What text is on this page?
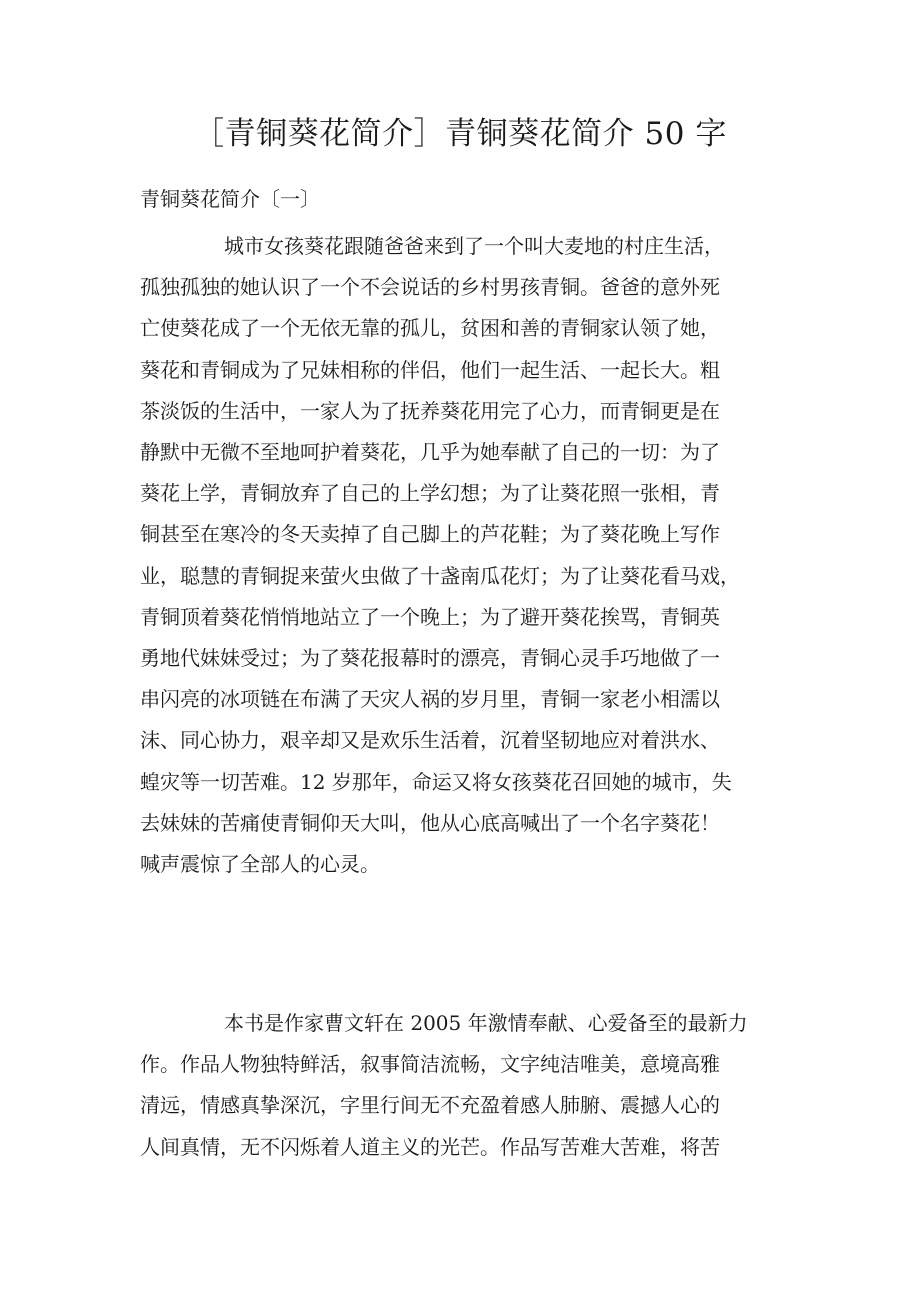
［青铜葵花简介］青铜葵花简介 50 字
青铜葵花简介〔一〕
城市女孩葵花跟随爸爸来到了一个叫大麦地的村庄生活，
孤独孤独的她认识了一个不会说话的乡村男孩青铜。爸爸的意外死
亡使葵花成了一个无依无靠的孤儿，贫困和善的青铜家认领了她，
葵花和青铜成为了兄妹相称的伴侣，他们一起生活、一起长大。粗
茶淡饭的生活中，一家人为了抚养葵花用完了心力，而青铜更是在
静默中无微不至地呵护着葵花，几乎为她奉献了自己的一切：为了
葵花上学，青铜放弃了自己的上学幻想；为了让葵花照一张相，青
铜甚至在寒冷的冬天卖掉了自己脚上的芦花鞋；为了葵花晚上写作
业，聪慧的青铜捉来萤火虫做了十盏南瓜花灯；为了让葵花看马戏，
青铜顶着葵花悄悄地站立了一个晚上；为了避开葵花挨骂，青铜英
勇地代妹妹受过；为了葵花报幕时的漂亮，青铜心灵手巧地做了一
串闪亮的冰项链在布满了天灾人祸的岁月里，青铜一家老小相濡以
沫、同心协力，艰辛却又是欢乐生活着，沉着坚韧地应对着洪水、
蝗灾等一切苦难。12 岁那年，命运又将女孩葵花召回她的城市，失
去妹妹的苦痛使青铜仰天大叫，他从心底高喊出了一个名字葵花！
喊声震惊了全部人的心灵。
本书是作家曹文轩在 2005 年激情奉献、心爱备至的最新力
作。作品人物独特鲜活，叙事简洁流畅，文字纯洁唯美，意境高雅
清远，情感真挚深沉，字里行间无不充盈着感人肺腑、震撼人心的
人间真情，无不闪烁着人道主义的光芒。作品写苦难大苦难，将苦
